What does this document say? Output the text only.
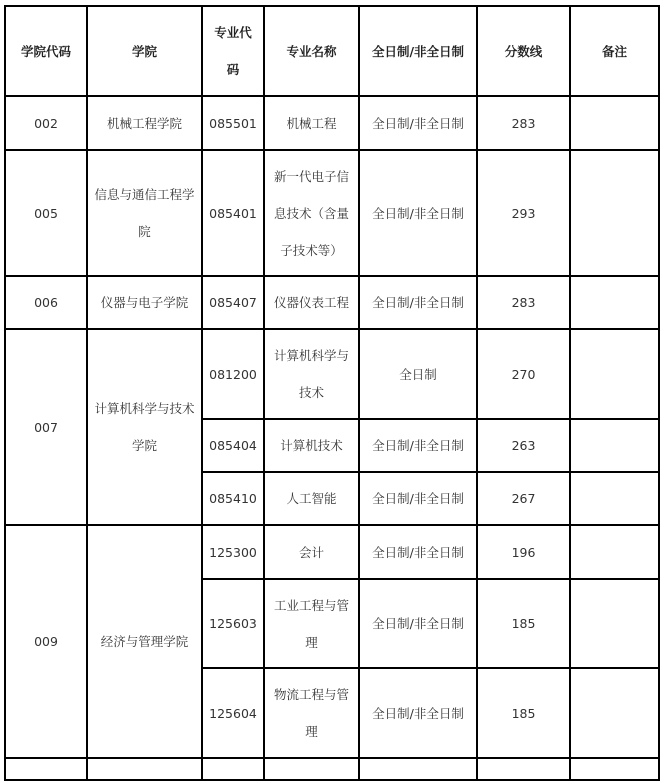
学院代码	学院	专业代码	专业名称	全日制/非全日制	分数线	备注
002	机械工程学院	085501	机械工程	全日制/非全日制	283	
005	信息与通信工程学院	085401	新一代电子信息技术（含量子技术等）	全日制/非全日制	293	
006	仪器与电子学院	085407	仪器仪表工程	全日制/非全日制	283	
007	计算机科学与技术学院	081200	计算机科学与技术	全日制	270	
		085404	计算机技术	全日制/非全日制	263	
		085410	人工智能	全日制/非全日制	267	
009	经济与管理学院	125300	会计	全日制/非全日制	196	
		125603	工业工程与管理	全日制/非全日制	185	
		125604	物流工程与管理	全日制/非全日制	185	
